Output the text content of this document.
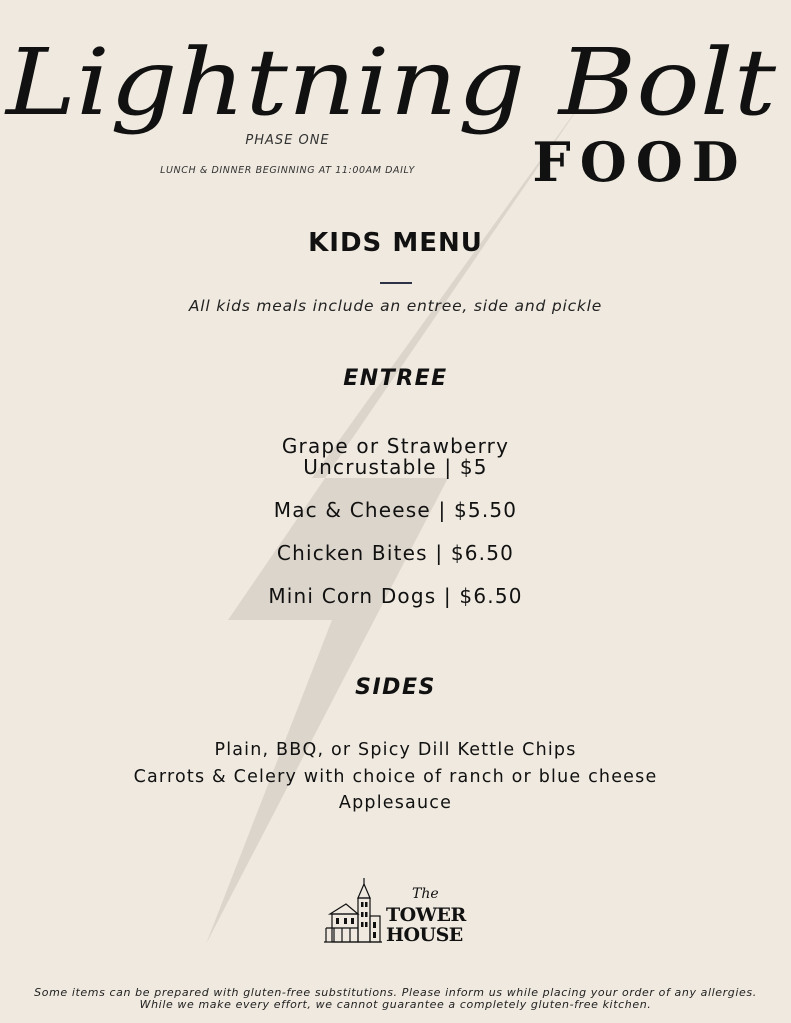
Lightning Bolt
PHASE ONE
LUNCH & DINNER BEGINNING AT 11:00AM DAILY	FOOD
KIDS MENU
All kids meals include an entree, side and pickle
ENTREE
Grape or Strawberry Uncrustable | $5
Mac & Cheese | $5.50
Chicken Bites | $6.50
Mini Corn Dogs | $6.50
SIDES
Plain, BBQ, or Spicy Dill Kettle Chips
Carrots & Celery with choice of ranch or blue cheese
Applesauce
The
TOWER
HOUSE
Some items can be prepared with gluten-free substitutions. Please inform us while placing your order of any allergies. While we make every effort, we cannot guarantee a completely gluten-free kitchen.
